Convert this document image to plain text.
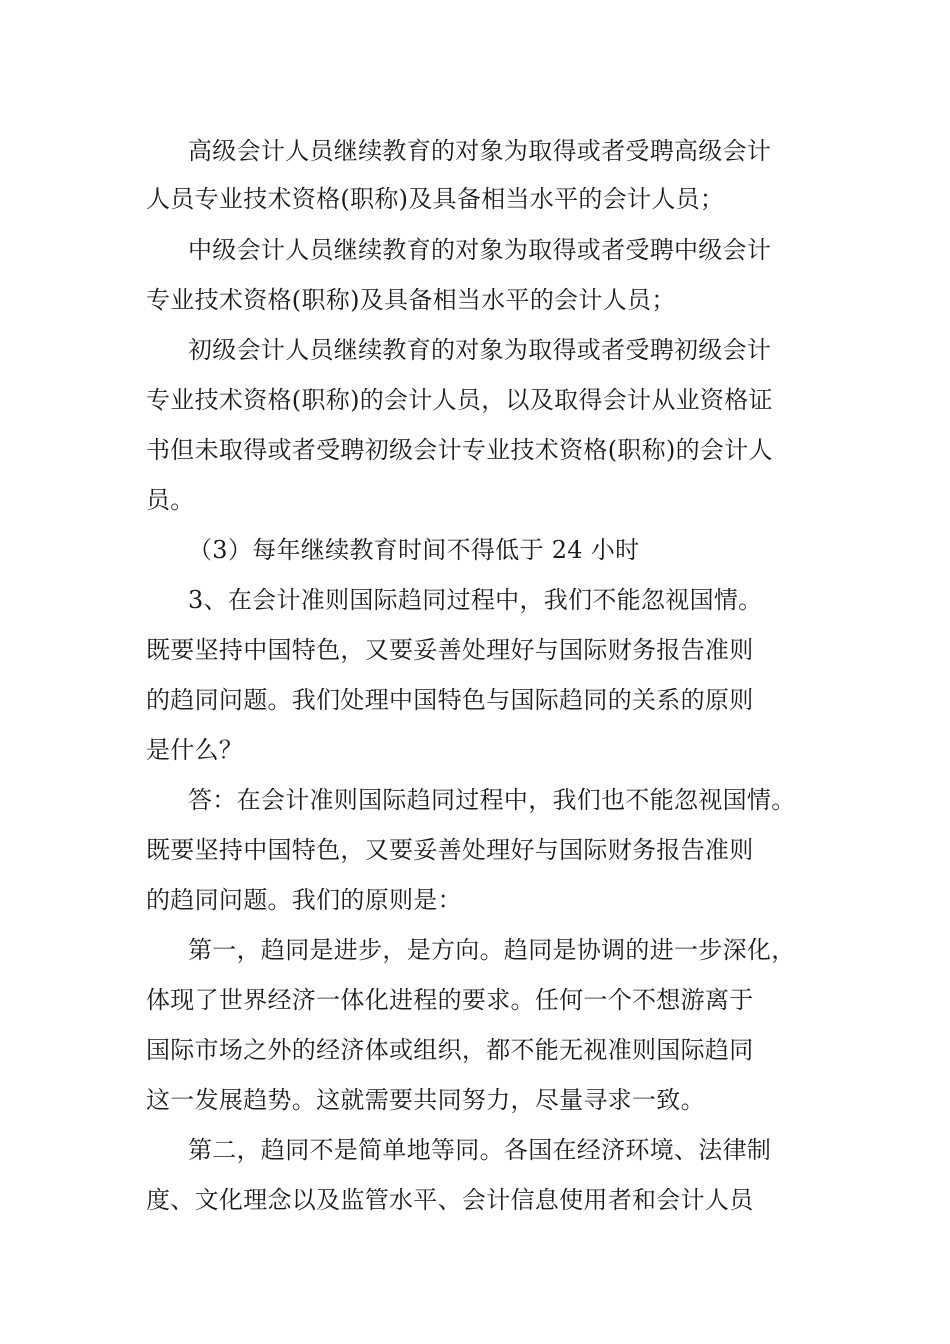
高级会计人员继续教育的对象为取得或者受聘高级会计
人员专业技术资格(职称)及具备相当水平的会计人员；
中级会计人员继续教育的对象为取得或者受聘中级会计
专业技术资格(职称)及具备相当水平的会计人员；
初级会计人员继续教育的对象为取得或者受聘初级会计
专业技术资格(职称)的会计人员，以及取得会计从业资格证
书但未取得或者受聘初级会计专业技术资格(职称)的会计人
员。
（3）每年继续教育时间不得低于 24 小时
3、在会计准则国际趋同过程中，我们不能忽视国情。
既要坚持中国特色，又要妥善处理好与国际财务报告准则
的趋同问题。我们处理中国特色与国际趋同的关系的原则
是什么？
答：在会计准则国际趋同过程中，我们也不能忽视国情。
既要坚持中国特色，又要妥善处理好与国际财务报告准则
的趋同问题。我们的原则是：
第一，趋同是进步，是方向。趋同是协调的进一步深化，
体现了世界经济一体化进程的要求。任何一个不想游离于
国际市场之外的经济体或组织，都不能无视准则国际趋同
这一发展趋势。这就需要共同努力，尽量寻求一致。
第二，趋同不是简单地等同。各国在经济环境、法律制
度、文化理念以及监管水平、会计信息使用者和会计人员
